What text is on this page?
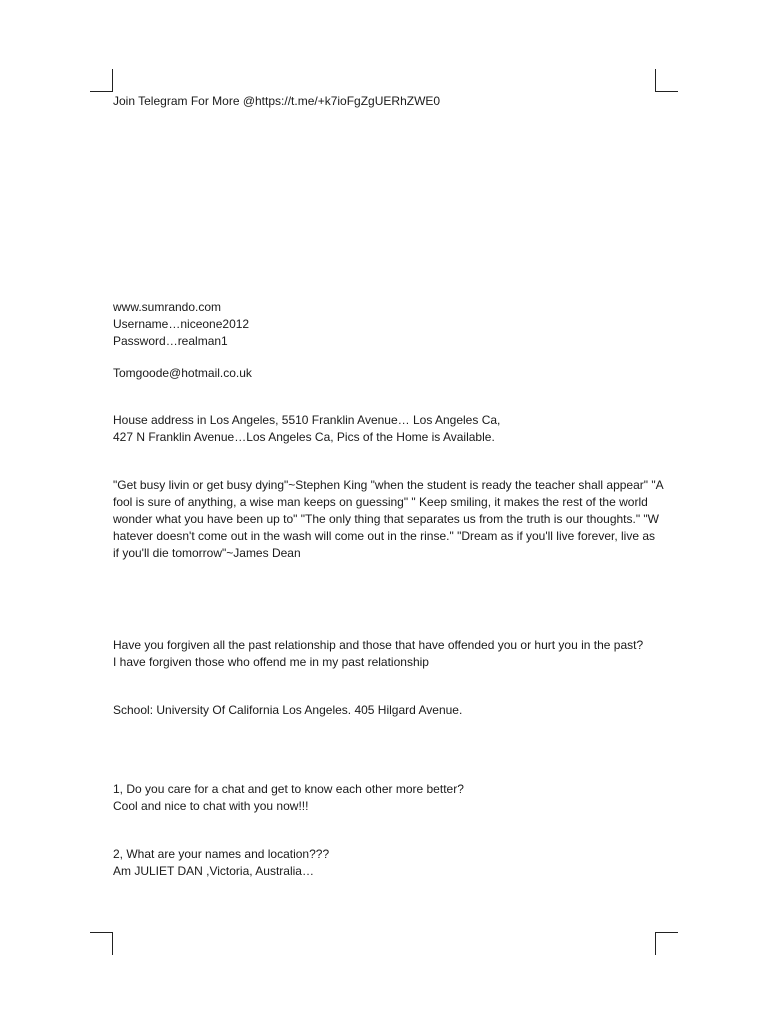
Join Telegram For More @https://t.me/+k7ioFgZgUERhZWE0

www.sumrando.com
Username…niceone2012
Password…realman1

Tomgoode@hotmail.co.uk

House address in Los Angeles, 5510 Franklin Avenue… Los Angeles Ca,
427 N Franklin Avenue…Los Angeles Ca, Pics of the Home is Available.
"Get busy livin or get busy dying"~Stephen King "when the student is ready the teacher shall appear" "A
fool is sure of anything, a wise man keeps on guessing" " Keep smiling, it makes the rest of the world
wonder what you have been up to" "The only thing that separates us from the truth is our thoughts." "W
hatever doesn't come out in the wash will come out in the rinse." "Dream as if you'll live forever, live as
if you'll die tomorrow"~James Dean
Have you forgiven all the past relationship and those that have offended you or hurt you in the past?
I have forgiven those who offend me in my past relationship

School: University Of California Los Angeles. 405 Hilgard Avenue.

1, Do you care for a chat and get to know each other more better?
Cool and nice to chat with you now!!!
2, What are your names and location???
Am JULIET DAN ,Victoria, Australia…
